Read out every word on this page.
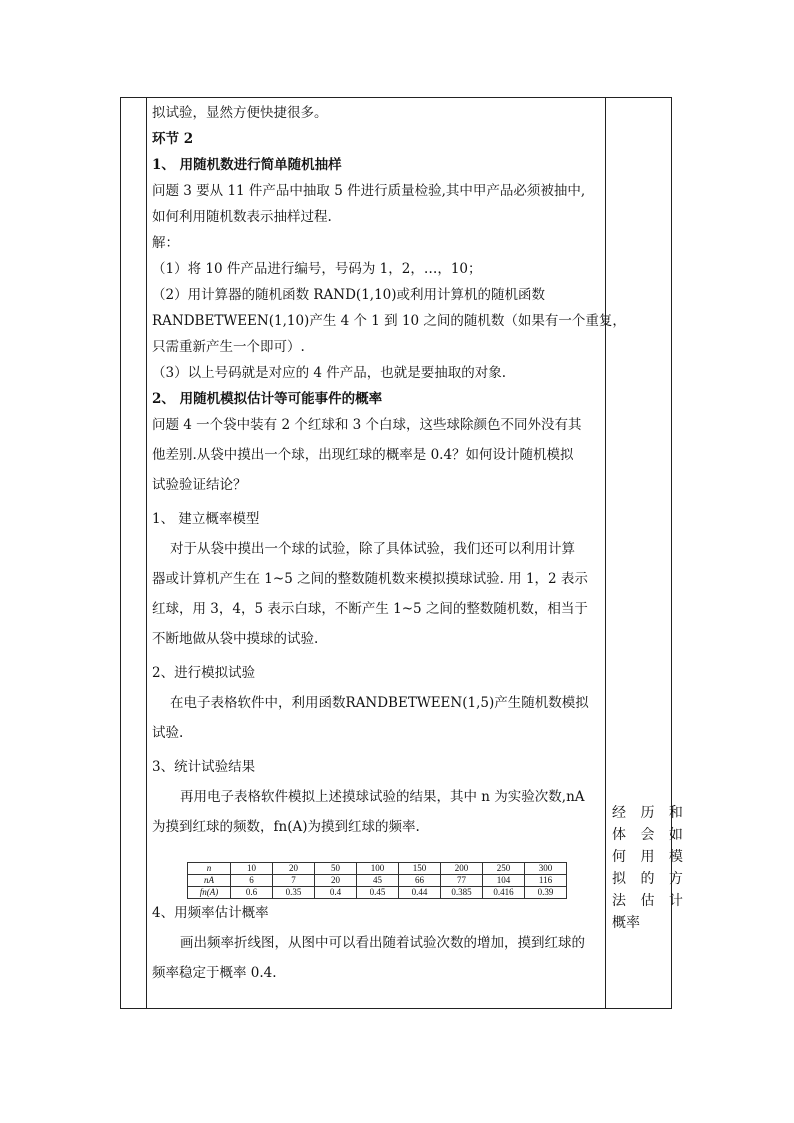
拟试验，显然方便快捷很多。

环节 2

1、 用随机数进行简单随机抽样

问题 3 要从 11 件产品中抽取 5 件进行质量检验,其中甲产品必须被抽中,

如何利用随机数表示抽样过程.

解：

（1）将 10 件产品进行编号，号码为 1，2，…，10；

（2）用计算器的随机函数 RAND(1,10)或利用计算机的随机函数

RANDBETWEEN(1,10)产生 4 个 1 到 10 之间的随机数（如果有一个重复，

只需重新产生一个即可）.

（3）以上号码就是对应的 4 件产品，也就是要抽取的对象.

2、 用随机模拟估计等可能事件的概率

问题 4 一个袋中装有 2 个红球和 3 个白球，这些球除颜色不同外没有其

他差别.从袋中摸出一个球，出现红球的概率是 0.4？如何设计随机模拟

试验验证结论？

1、 建立概率模型

对于从袋中摸出一个球的试验，除了具体试验，我们还可以利用计算

器或计算机产生在 1~5 之间的整数随机数来模拟摸球试验. 用 1，2 表示

红球，用 3，4，5 表示白球，不断产生 1~5 之间的整数随机数，相当于

不断地做从袋中摸球的试验.

2、进行模拟试验

在电子表格软件中，利用函数RANDBETWEEN(1,5)产生随机数模拟

试验.

3、统计试验结果

再用电子表格软件模拟上述摸球试验的结果，其中 n 为实验次数,nA

为摸到红球的频数，fn(A)为摸到红球的频率.

4、用频率估计概率

画出频率折线图，从图中可以看出随着试验次数的增加，摸到红球的

频率稳定于概率 0.4.

n	10	20	50	100	150	200	250	300
nA	6	7	20	45	66	77	104	116
fn(A)	0.6	0.35	0.4	0.45	0.44	0.385	0.416	0.39
经 历 和
体 会 如
何 用 模
拟 的 方
法 估 计
概率
